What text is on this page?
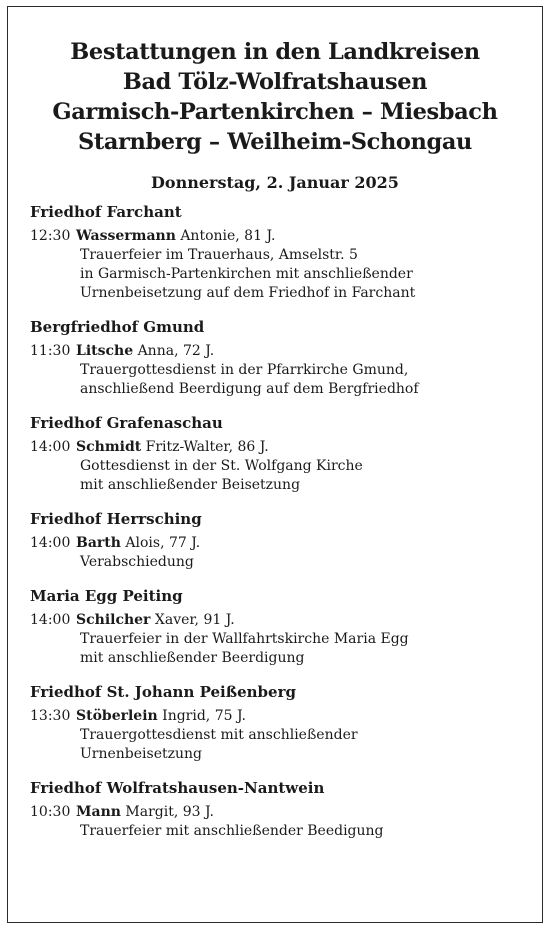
Bestattungen in den Landkreisen
Bad Tölz-Wolfratshausen
Garmisch-Partenkirchen – Miesbach
Starnberg – Weilheim-Schongau
Donnerstag, 2. Januar 2025
Friedhof Farchant
12:30 Wassermann Antonie, 81 J.
Trauerfeier im Trauerhaus, Amselstr. 5
in Garmisch-Partenkirchen mit anschließender
Urnenbeisetzung auf dem Friedhof in Farchant
Bergfriedhof Gmund
11:30 Litsche Anna, 72 J.
Trauergottesdienst in der Pfarrkirche Gmund,
anschließend Beerdigung auf dem Bergfriedhof
Friedhof Grafenaschau
14:00 Schmidt Fritz-Walter, 86 J.
Gottesdienst in der St. Wolfgang Kirche
mit anschließender Beisetzung
Friedhof Herrsching
14:00 Barth Alois, 77 J.
Verabschiedung
Maria Egg Peiting
14:00 Schilcher Xaver, 91 J.
Trauerfeier in der Wallfahrtskirche Maria Egg
mit anschließender Beerdigung
Friedhof St. Johann Peißenberg
13:30 Stöberlein Ingrid, 75 J.
Trauergottesdienst mit anschließender
Urnenbeisetzung
Friedhof Wolfratshausen-Nantwein
10:30 Mann Margit, 93 J.
Trauerfeier mit anschließender Beedigung
